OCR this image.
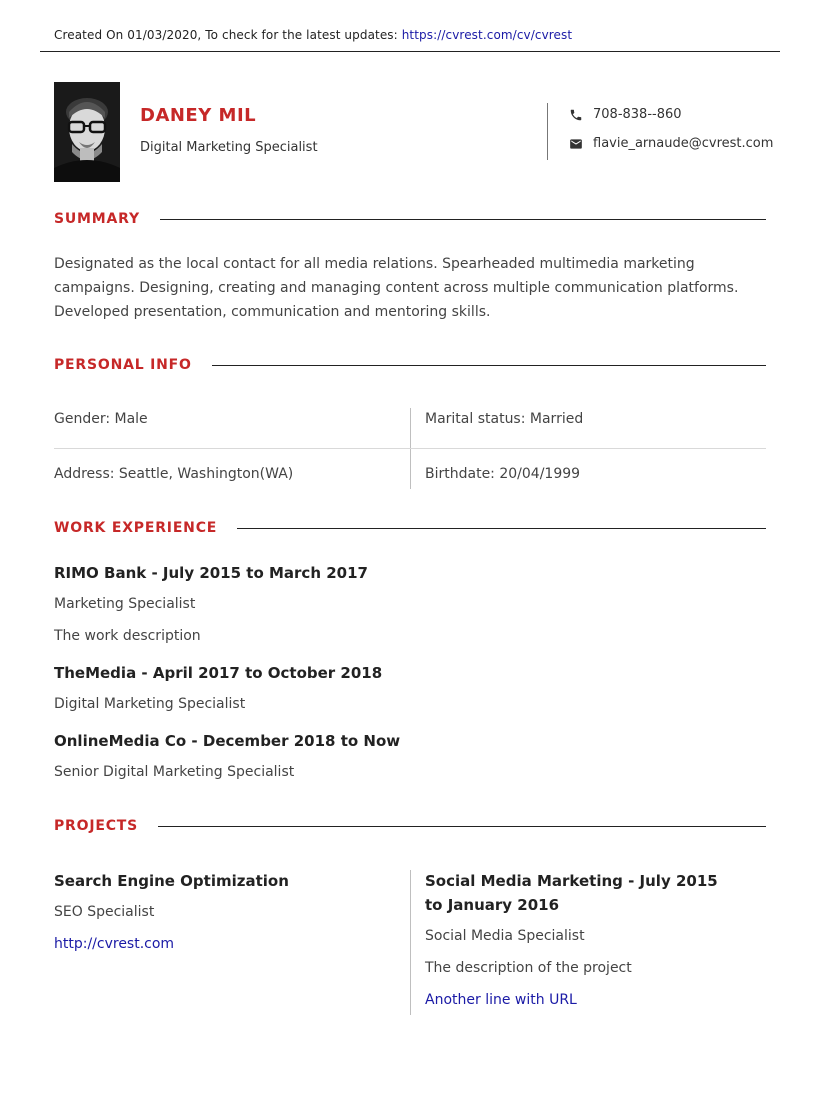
Created On 01/03/2020, To check for the latest updates: https://cvrest.com/cv/cvrest
DANEY MIL
Digital Marketing Specialist
708-838--860
flavie_arnaude@cvrest.com
SUMMARY
Designated as the local contact for all media relations. Spearheaded multimedia marketing campaigns. Designing, creating and managing content across multiple communication platforms. Developed presentation, communication and mentoring skills.
PERSONAL INFO
Gender: Male	Marital status: Married
Address: Seattle, Washington(WA)	Birthdate: 20/04/1999
WORK EXPERIENCE
RIMO Bank - July 2015 to March 2017
Marketing Specialist
The work description
TheMedia - April 2017 to October 2018
Digital Marketing Specialist
OnlineMedia Co - December 2018 to Now
Senior Digital Marketing Specialist
PROJECTS
Search Engine Optimization
SEO Specialist
http://cvrest.com
Social Media Marketing - July 2015 to January 2016
Social Media Specialist
The description of the project
Another line with URL
